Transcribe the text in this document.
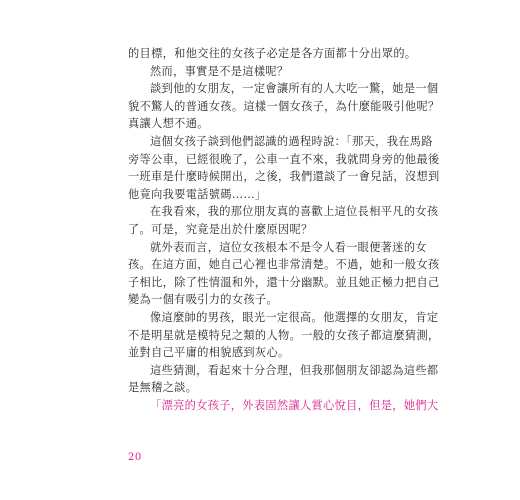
的目標，和他交往的女孩子必定是各方面都十分出眾的。
然而，事實是不是這樣呢？
談到他的女朋友，一定會讓所有的人大吃一驚，她是一個
貌不驚人的普通女孩。這樣一個女孩子，為什麼能吸引他呢？
真讓人想不通。
這個女孩子談到他們認識的過程時說：「那天，我在馬路
旁等公車，已經很晚了，公車一直不來，我就問身旁的他最後
一班車是什麼時候開出，之後，我們還談了一會兒話，沒想到
他竟向我要電話號碼……」
在我看來，我的那位朋友真的喜歡上這位長相平凡的女孩
了。可是，究竟是出於什麼原因呢？
就外表而言，這位女孩根本不是令人看一眼便著迷的女
孩。在這方面，她自己心裡也非常清楚。不過，她和一般女孩
子相比，除了性情溫和外，還十分幽默。並且她正極力把自己
變為一個有吸引力的女孩子。
像這麼帥的男孩，眼光一定很高。他選擇的女朋友，肯定
不是明星就是模特兒之類的人物。一般的女孩子都這麼猜測，
並對自己平庸的相貌感到灰心。
這些猜測，看起來十分合理，但我那個朋友卻認為這些都
是無稽之談。
「漂亮的女孩子，外表固然讓人賞心悅目，但是，她們大
20
